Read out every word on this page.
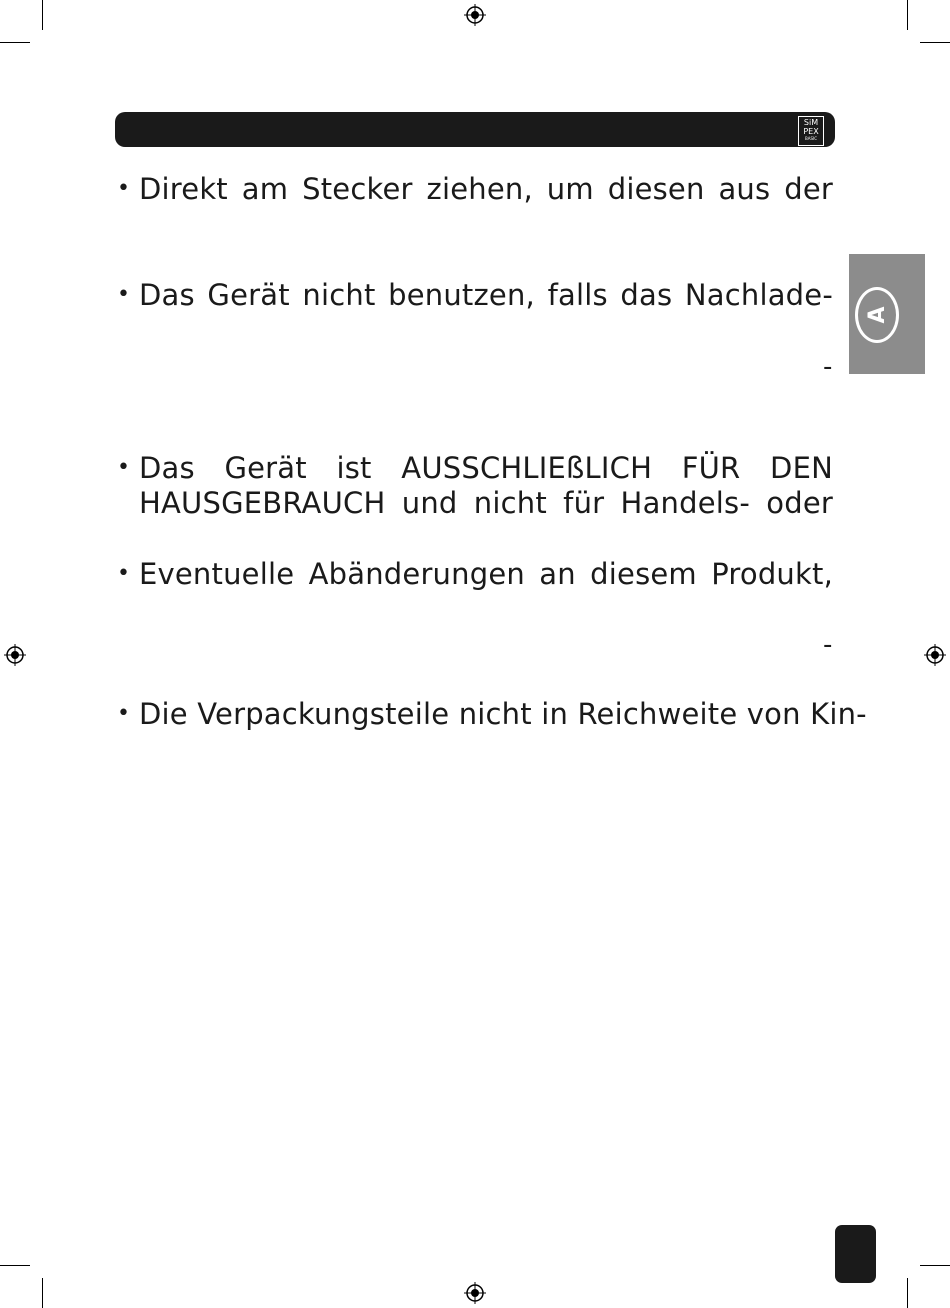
SiM
PEX
BASIC
A
• Direkt am Stecker ziehen, um diesen aus der
• Das Gerät nicht benutzen, falls das Nachlade-
-
• Das Gerät ist AUSSCHLIEßLICH FÜR DEN
HAUSGEBRAUCH und nicht für Handels- oder
• Eventuelle Abänderungen an diesem Produkt,
-
• Die Verpackungsteile nicht in Reichweite von Kin-
